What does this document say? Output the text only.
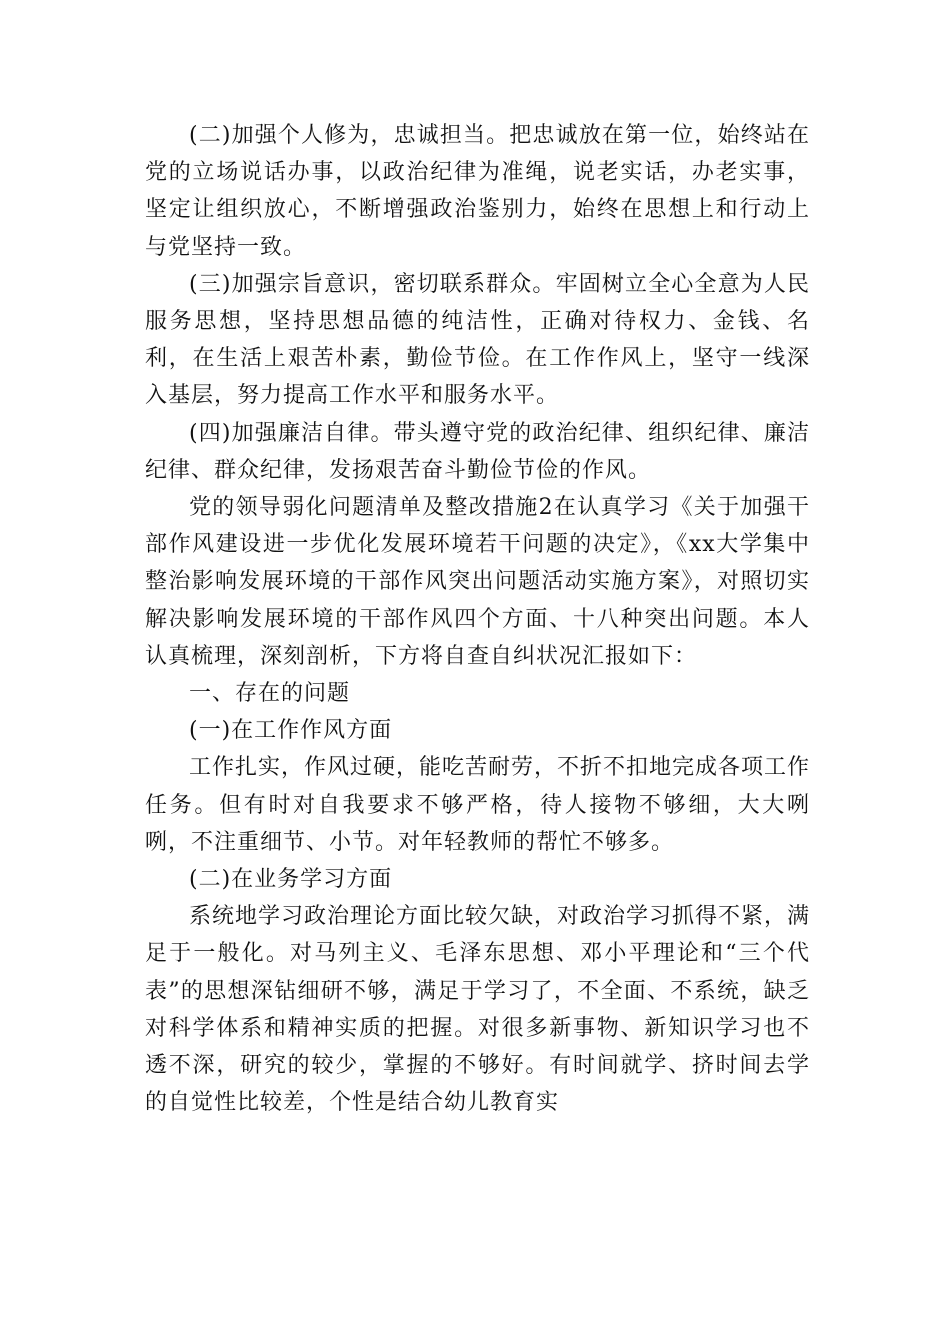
(二)加强个人修为，忠诚担当。把忠诚放在第一位，始终站在党的立场说话办事，以政治纪律为准绳，说老实话，办老实事，坚定让组织放心，不断增强政治鉴别力，始终在思想上和行动上与党坚持一致。

(三)加强宗旨意识，密切联系群众。牢固树立全心全意为人民服务思想，坚持思想品德的纯洁性，正确对待权力、金钱、名利，在生活上艰苦朴素，勤俭节俭。在工作作风上，坚守一线深入基层，努力提高工作水平和服务水平。

(四)加强廉洁自律。带头遵守党的政治纪律、组织纪律、廉洁纪律、群众纪律，发扬艰苦奋斗勤俭节俭的作风。

党的领导弱化问题清单及整改措施2在认真学习《关于加强干部作风建设进一步优化发展环境若干问题的决定》，《xx大学集中整治影响发展环境的干部作风突出问题活动实施方案》，对照切实解决影响发展环境的干部作风四个方面、十八种突出问题。本人认真梳理，深刻剖析，下方将自查自纠状况汇报如下：

一、存在的问题

(一)在工作作风方面

工作扎实，作风过硬，能吃苦耐劳，不折不扣地完成各项工作任务。但有时对自我要求不够严格，待人接物不够细，大大咧咧，不注重细节、小节。对年轻教师的帮忙不够多。

(二)在业务学习方面

系统地学习政治理论方面比较欠缺，对政治学习抓得不紧，满足于一般化。对马列主义、毛泽东思想、邓小平理论和“三个代表”的思想深钻细研不够，满足于学习了，不全面、不系统，缺乏对科学体系和精神实质的把握。对很多新事物、新知识学习也不透不深，研究的较少，掌握的不够好。有时间就学、挤时间去学的自觉性比较差，个性是结合幼儿教育实
